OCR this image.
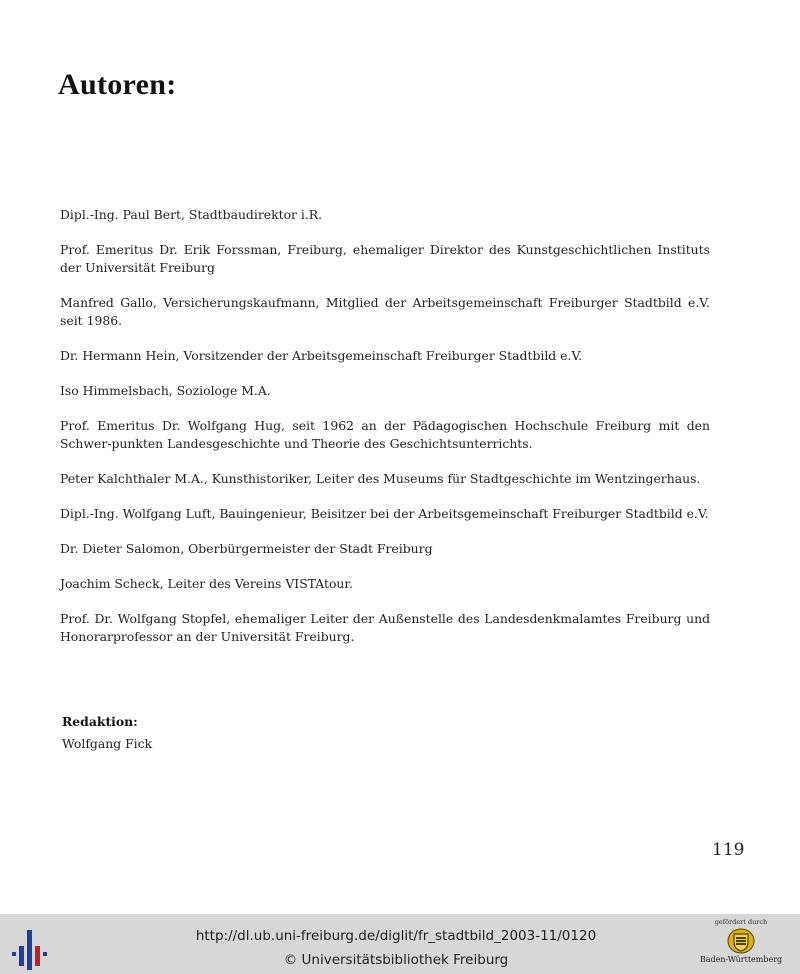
Autoren:

Dipl.-Ing. Paul Bert, Stadtbaudirektor i.R.

Prof. Emeritus Dr. Erik Forssman, Freiburg, ehemaliger Direktor des Kunstgeschichtlichen Instituts der Universität Freiburg

Manfred Gallo, Versicherungskaufmann, Mitglied der Arbeitsgemeinschaft Freiburger Stadtbild e.V. seit 1986.

Dr. Hermann Hein, Vorsitzender der Arbeitsgemeinschaft Freiburger Stadtbild e.V.

Iso Himmelsbach, Soziologe M.A.

Prof. Emeritus Dr. Wolfgang Hug, seit 1962 an der Pädagogischen Hochschule Freiburg mit den Schwer-punkten Landesgeschichte und Theorie des Geschichtsunterrichts.

Peter Kalchthaler M.A., Kunsthistoriker, Leiter des Museums für Stadtgeschichte im Wentzingerhaus.

Dipl.-Ing. Wolfgang Luft, Bauingenieur, Beisitzer bei der Arbeitsgemeinschaft Freiburger Stadtbild e.V.

Dr. Dieter Salomon, Oberbürgermeister der Stadt Freiburg

Joachim Scheck, Leiter des Vereins VISTAtour.

Prof. Dr. Wolfgang Stopfel, ehemaliger Leiter der Außenstelle des Landesdenkmalamtes Freiburg und Honorarprofessor an der Universität Freiburg.

Redaktion:
Wolfgang Fick
119
http://dl.ub.uni-freiburg.de/diglit/fr_stadtbild_2003-11/0120
© Universitätsbibliothek Freiburg
gefördert durch
Baden-Württemberg
